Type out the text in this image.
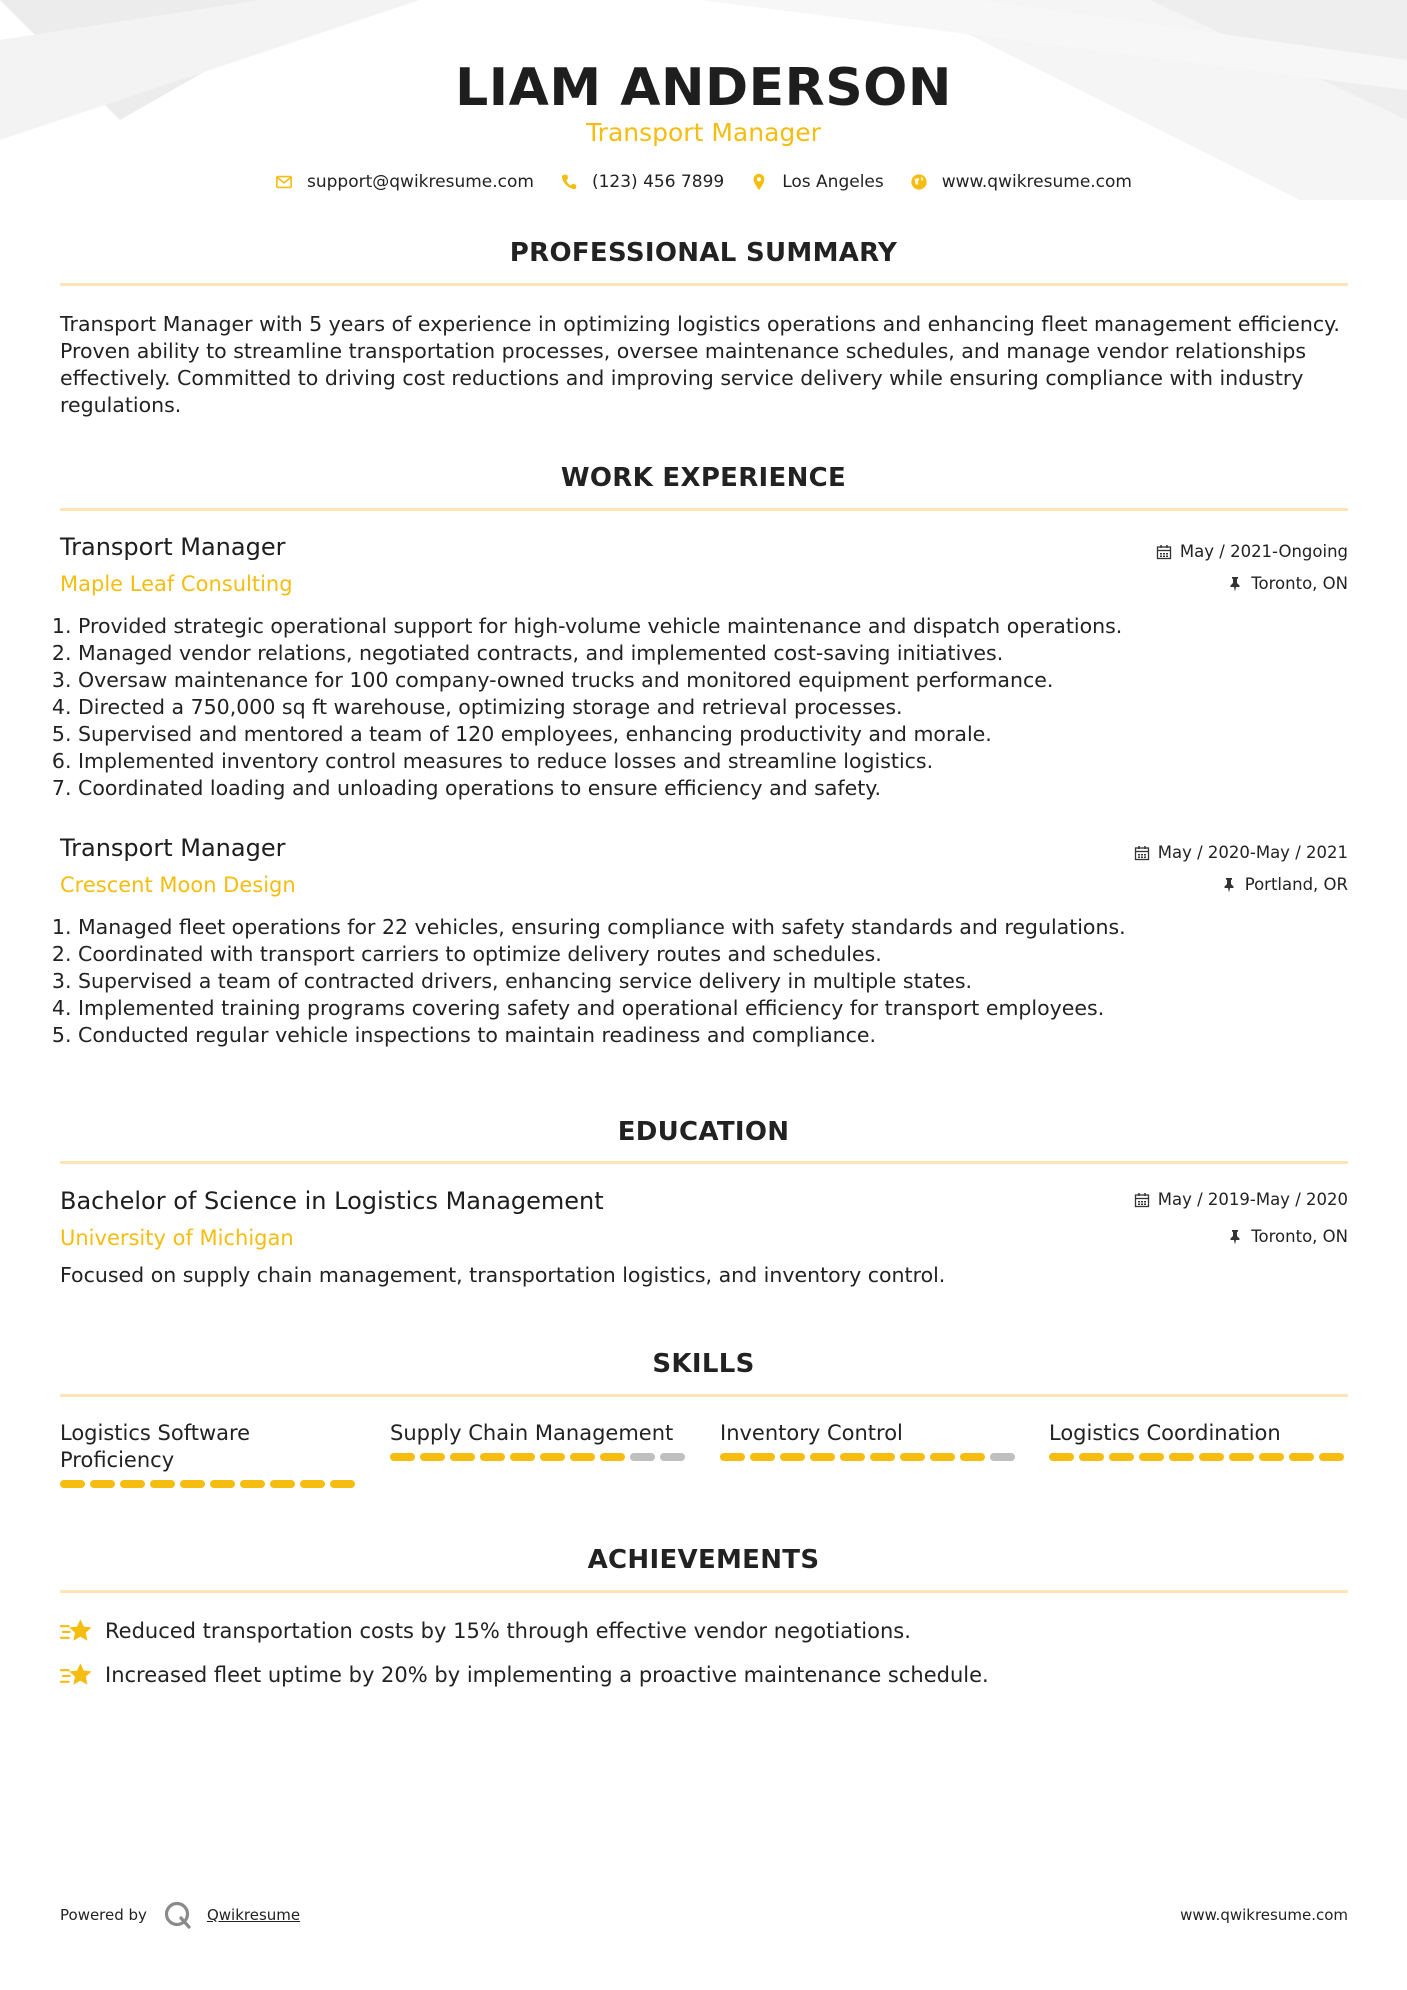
LIAM ANDERSON
Transport Manager
support@qwikresume.com	(123) 456 7899	Los Angeles	www.qwikresume.com
PROFESSIONAL SUMMARY
Transport Manager with 5 years of experience in optimizing logistics operations and enhancing fleet management efficiency. Proven ability to streamline transportation processes, oversee maintenance schedules, and manage vendor relationships effectively. Committed to driving cost reductions and improving service delivery while ensuring compliance with industry regulations.
WORK EXPERIENCE
Transport Manager
Maple Leaf Consulting
May / 2021-Ongoing
Toronto, ON
1. Provided strategic operational support for high-volume vehicle maintenance and dispatch operations.
2. Managed vendor relations, negotiated contracts, and implemented cost-saving initiatives.
3. Oversaw maintenance for 100 company-owned trucks and monitored equipment performance.
4. Directed a 750,000 sq ft warehouse, optimizing storage and retrieval processes.
5. Supervised and mentored a team of 120 employees, enhancing productivity and morale.
6. Implemented inventory control measures to reduce losses and streamline logistics.
7. Coordinated loading and unloading operations to ensure efficiency and safety.
Transport Manager
Crescent Moon Design
May / 2020-May / 2021
Portland, OR
1. Managed fleet operations for 22 vehicles, ensuring compliance with safety standards and regulations.
2. Coordinated with transport carriers to optimize delivery routes and schedules.
3. Supervised a team of contracted drivers, enhancing service delivery in multiple states.
4. Implemented training programs covering safety and operational efficiency for transport employees.
5. Conducted regular vehicle inspections to maintain readiness and compliance.
EDUCATION
Bachelor of Science in Logistics Management
University of Michigan
May / 2019-May / 2020
Toronto, ON
Focused on supply chain management, transportation logistics, and inventory control.
SKILLS
Logistics Software Proficiency
Supply Chain Management	Inventory Control	Logistics Coordination
ACHIEVEMENTS
Reduced transportation costs by 15% through effective vendor negotiations.
Increased fleet uptime by 20% by implementing a proactive maintenance schedule.
Powered by	Qwikresume	www.qwikresume.com
